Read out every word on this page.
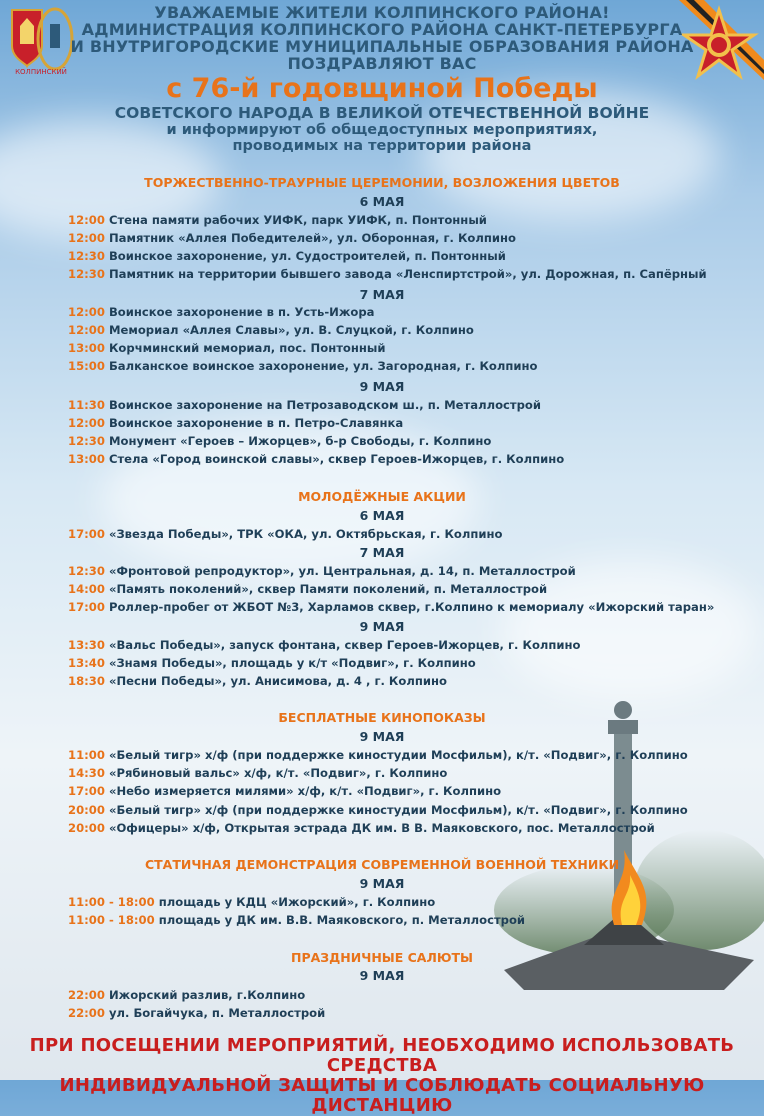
КОЛПИНСКИЙ
УВАЖАЕМЫЕ ЖИТЕЛИ КОЛПИНСКОГО РАЙОНА!
АДМИНИСТРАЦИЯ КОЛПИНСКОГО РАЙОНА САНКТ-ПЕТЕРБУРГА
И ВНУТРИГОРОДСКИЕ МУНИЦИПАЛЬНЫЕ ОБРАЗОВАНИЯ РАЙОНА
ПОЗДРАВЛЯЮТ ВАС
с 76-й годовщиной Победы
СОВЕТСКОГО НАРОДА В ВЕЛИКОЙ ОТЕЧЕСТВЕННОЙ ВОЙНЕ
и информируют об общедоступных мероприятиях,
проводимых на территории района
ТОРЖЕСТВЕННО-ТРАУРНЫЕ ЦЕРЕМОНИИ, ВОЗЛОЖЕНИЯ ЦВЕТОВ
6 МАЯ
12:00 Стена памяти рабочих УИФК, парк УИФК, п. Понтонный
12:00 Памятник «Аллея Победителей», ул. Оборонная, г. Колпино
12:30 Воинское захоронение, ул. Судостроителей, п. Понтонный
12:30 Памятник на территории бывшего завода «Ленспиртстрой», ул. Дорожная, п. Сапёрный
7 МАЯ
12:00 Воинское захоронение в п. Усть-Ижора
12:00 Мемориал «Аллея Славы», ул. В. Слуцкой, г. Колпино
13:00 Корчминский мемориал, пос. Понтонный
15:00 Балканское воинское захоронение, ул. Загородная, г. Колпино
9 МАЯ
11:30 Воинское захоронение на Петрозаводском ш., п. Металлострой
12:00 Воинское захоронение в п. Петро-Славянка
12:30 Монумент «Героев – Ижорцев», б-р Свободы, г. Колпино
13:00 Стела «Город воинской славы», сквер Героев-Ижорцев, г. Колпино
МОЛОДЁЖНЫЕ АКЦИИ
6 МАЯ
17:00 «Звезда Победы», ТРК «ОКА, ул. Октябрьская, г. Колпино
7 МАЯ
12:30 «Фронтовой репродуктор», ул. Центральная, д. 14, п. Металлострой
14:00 «Память поколений», сквер Памяти поколений, п. Металлострой
17:00 Роллер-пробег от ЖБОТ №3, Харламов сквер, г.Колпино к мемориалу «Ижорский таран»
9 МАЯ
13:30 «Вальс Победы», запуск фонтана, сквер Героев-Ижорцев, г. Колпино
13:40 «Знамя Победы», площадь у к/т «Подвиг», г. Колпино
18:30 «Песни Победы», ул. Анисимова, д. 4 , г. Колпино
БЕСПЛАТНЫЕ КИНОПОКАЗЫ
9 МАЯ
11:00 «Белый тигр» х/ф (при поддержке киностудии Мосфильм), к/т. «Подвиг», г. Колпино
14:30 «Рябиновый вальс» х/ф, к/т. «Подвиг», г. Колпино
17:00 «Небо измеряется милями» х/ф, к/т. «Подвиг», г. Колпино
20:00 «Белый тигр» х/ф (при поддержке киностудии Мосфильм), к/т. «Подвиг», г. Колпино
20:00 «Офицеры» х/ф, Открытая эстрада ДК им. В В. Маяковского, пос. Металлострой
СТАТИЧНАЯ ДЕМОНСТРАЦИЯ СОВРЕМЕННОЙ ВОЕННОЙ ТЕХНИКИ
9 МАЯ
11:00 - 18:00 площадь у КДЦ «Ижорский», г. Колпино
11:00 - 18:00 площадь у ДК им. В.В. Маяковского, п. Металлострой
ПРАЗДНИЧНЫЕ САЛЮТЫ
9 МАЯ
22:00 Ижорский разлив, г.Колпино
22:00 ул. Богайчука, п. Металлострой
ПРИ ПОСЕЩЕНИИ МЕРОПРИЯТИЙ, НЕОБХОДИМО ИСПОЛЬЗОВАТЬ СРЕДСТВА
ИНДИВИДУАЛЬНОЙ ЗАЩИТЫ И СОБЛЮДАТЬ СОЦИАЛЬНУЮ ДИСТАНЦИЮ
